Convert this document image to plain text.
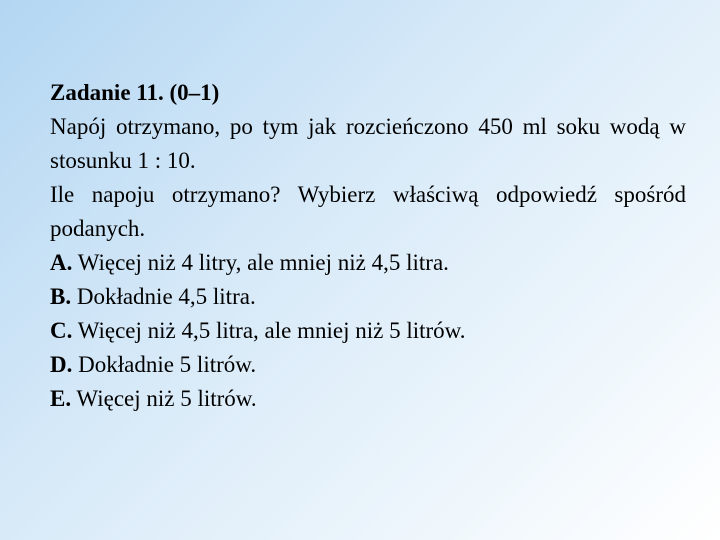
Zadanie 11. (0–1)

Napój otrzymano, po tym jak rozcieńczono 450 ml soku wodą w stosunku 1 : 10.

Ile napoju otrzymano? Wybierz właściwą odpowiedź spośród podanych.

A. Więcej niż 4 litry, ale mniej niż 4,5 litra.

B. Dokładnie 4,5 litra.

C. Więcej niż 4,5 litra, ale mniej niż 5 litrów.

D. Dokładnie 5 litrów.

E. Więcej niż 5 litrów.
